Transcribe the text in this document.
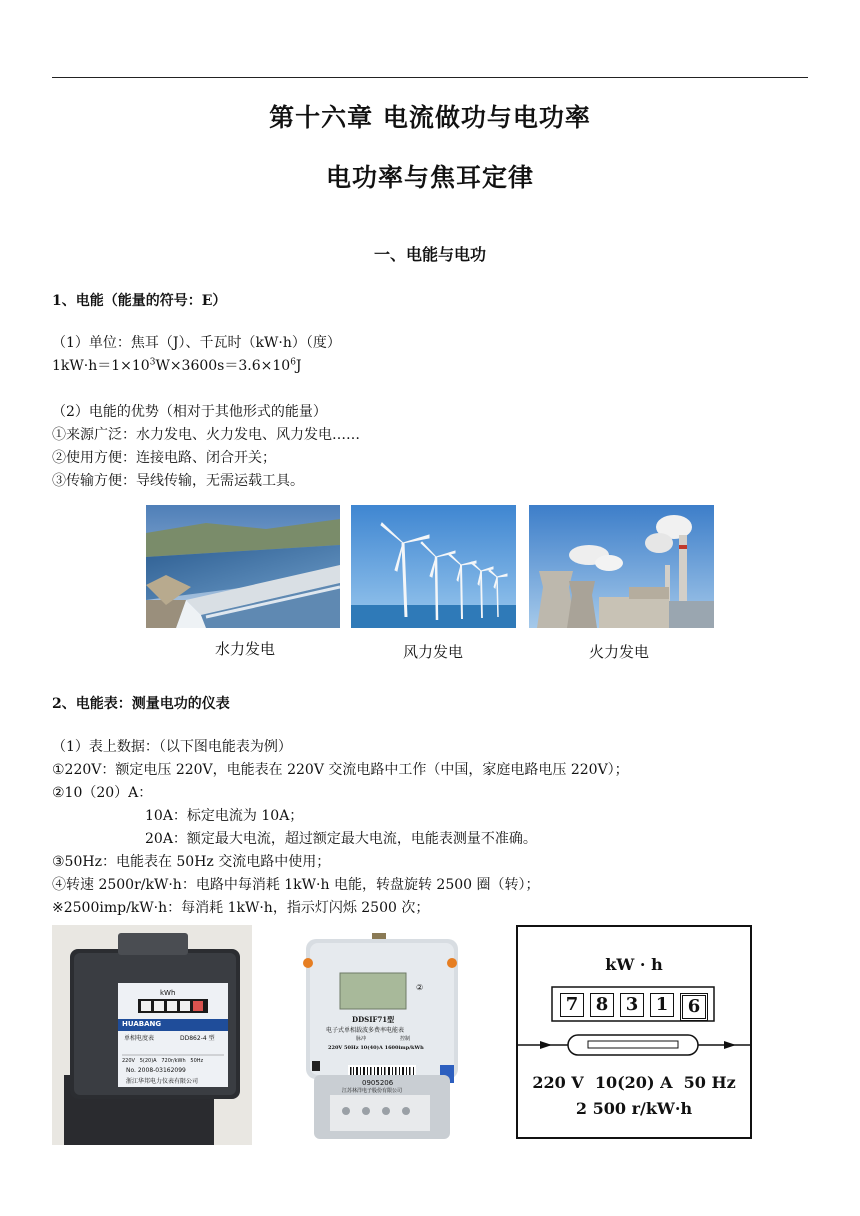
第十六章 电流做功与电功率
电功率与焦耳定律
一、电能与电功
1、电能（能量的符号：E）
（1）单位：焦耳（J）、千瓦时（kW·h）（度）
$1kW\cdot h=1\times 10^3W\times 3600s=3.6\times 10^6J$
（2）电能的优势（相对于其他形式的能量）
①来源广泛：水力发电、火力发电、风力发电……
②使用方便：连接电路、闭合开关；
③传输方便：导线传输，无需运载工具。
水力发电	风力发电	火力发电
2、电能表：测量电功的仪表
（1）表上数据：（以下图电能表为例）
①220V：额定电压 220V，电能表在 220V 交流电路中工作（中国，家庭电路电压 220V）；
②10（20）A：
10A：标定电流为 10A；
20A：额定最大电流，超过额定最大电流，电能表测量不准确。
③50Hz：电能表在 50Hz 交流电路中使用；
④转速 2500r/kW·h：电路中每消耗 1kW·h 电能，转盘旋转 2500 圈（转）；
※2500imp/kW·h：每消耗 1kW·h，指示灯闪烁 2500 次；
kWh
HUABANG
单相电度表	DD862-4 型
220V   5(20)A   720r/kWh   50Hz
No. 2008-03162099
浙江华邦电力仪表有限公司
②
DDSIF71型
电子式单相载波多费率电能表
脉冲	控制
220V 50Hz 10(40)A 1600imp/kWh
0905206
江苏林洋电子股份有限公司
kW · h
7 8 3 1	6
220 V  10(20) A  50 Hz
2 500 r/kW·h
